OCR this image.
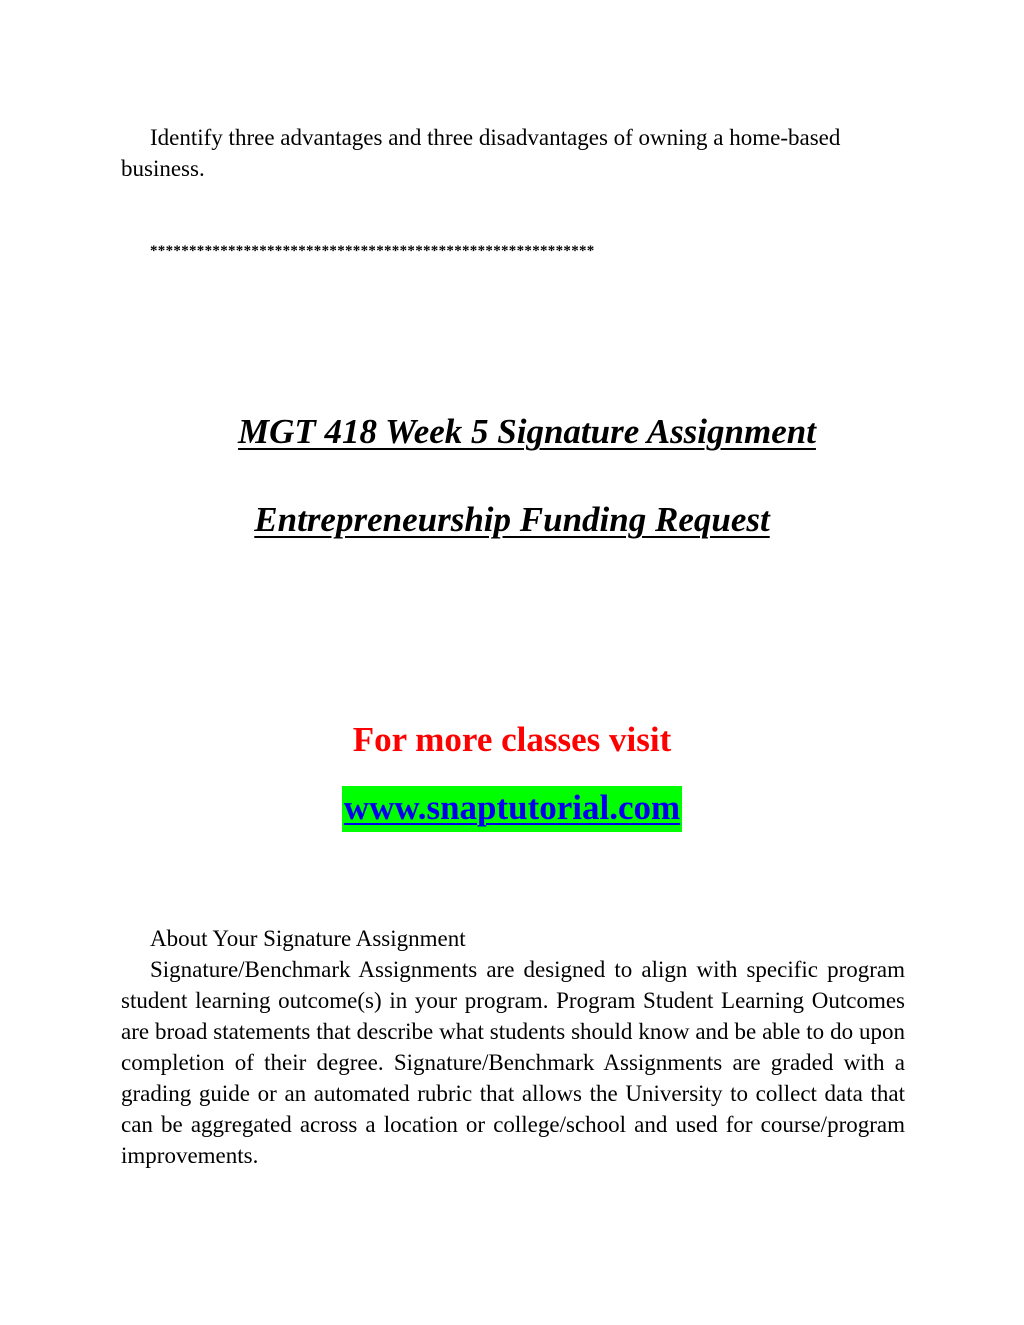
Identify three advantages and three disadvantages of owning a home-based business.

*********************************************************

MGT 418 Week 5 Signature Assignment
Entrepreneurship Funding Request

For more classes visit

www.snaptutorial.com

About Your Signature Assignment

Signature/Benchmark Assignments are designed to align with specific program student learning outcome(s) in your program. Program Student Learning Outcomes are broad statements that describe what students should know and be able to do upon completion of their degree. Signature/Benchmark Assignments are graded with a grading guide or an automated rubric that allows the University to collect data that can be aggregated across a location or college/school and used for course/program improvements.
